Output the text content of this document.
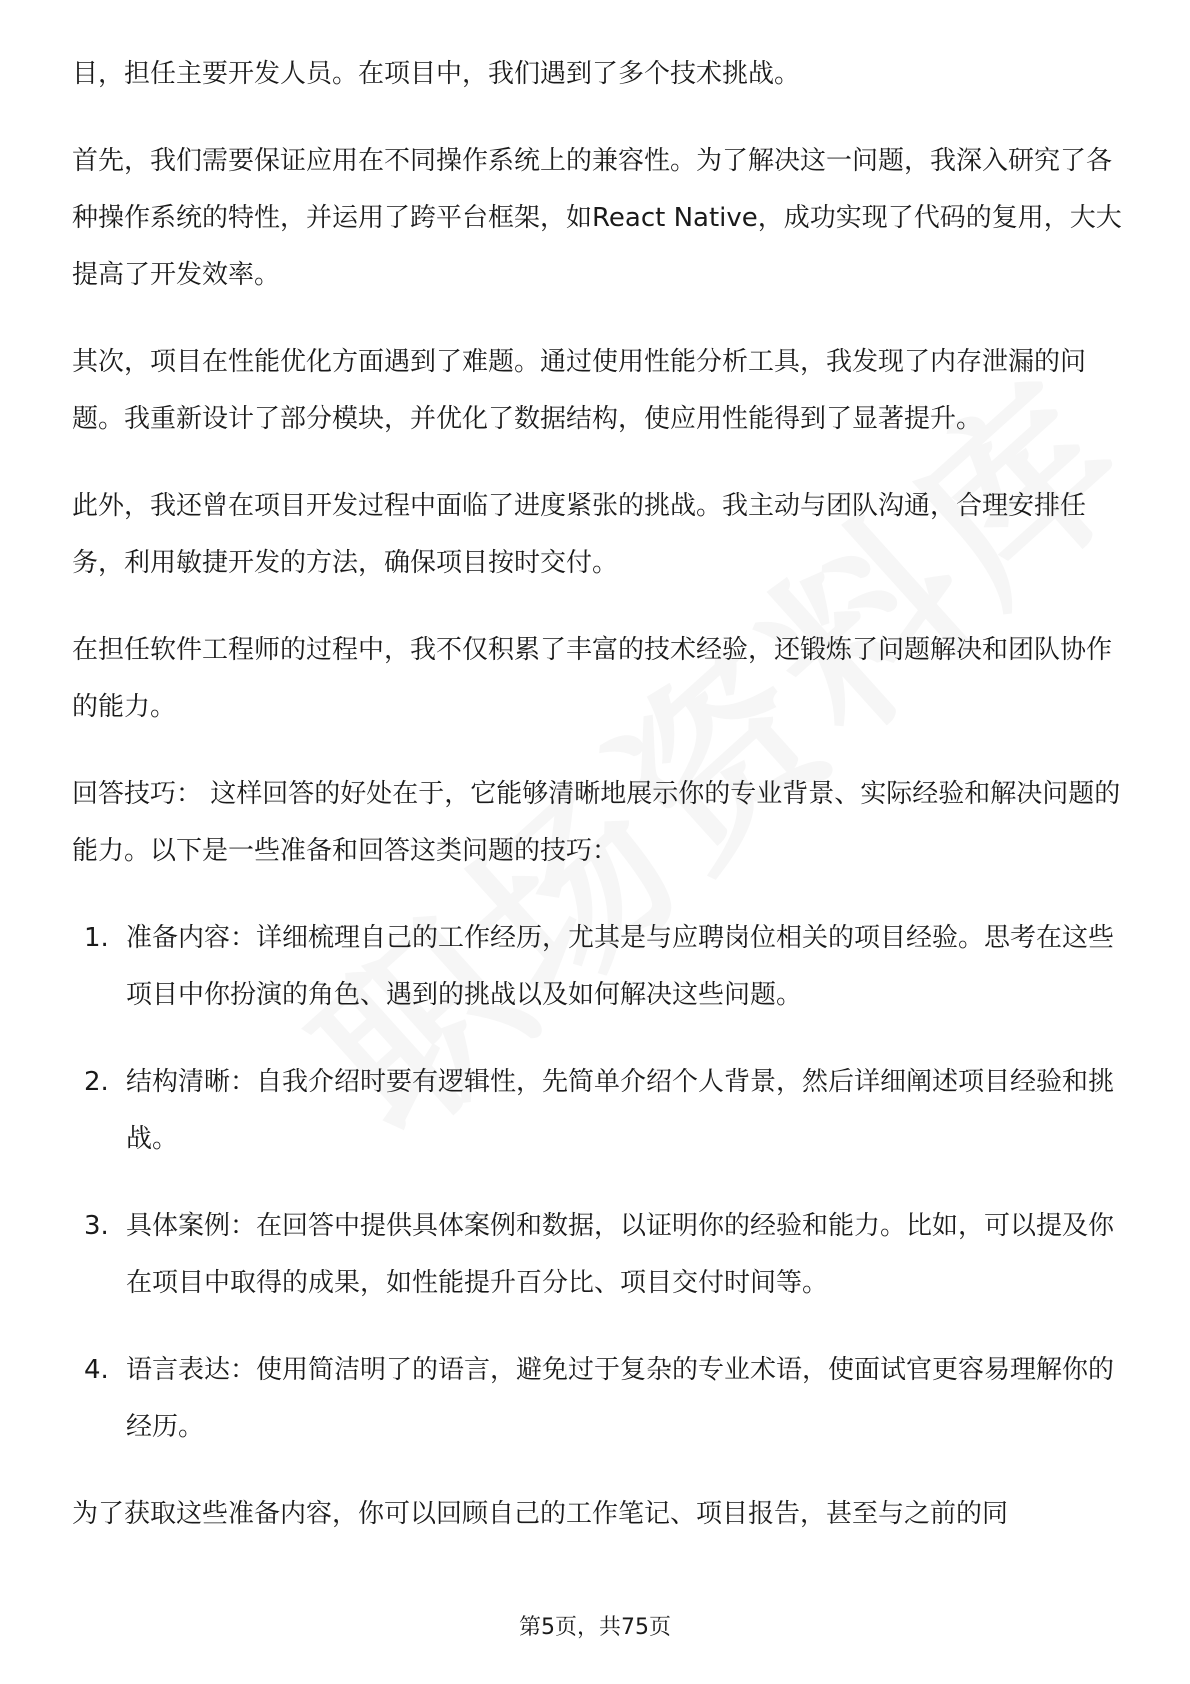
目，担任主要开发人员。在项目中，我们遇到了多个技术挑战。

首先，我们需要保证应用在不同操作系统上的兼容性。为了解决这一问题，我深入研究了各种操作系统的特性，并运用了跨平台框架，如React Native，成功实现了代码的复用，大大提高了开发效率。

其次，项目在性能优化方面遇到了难题。通过使用性能分析工具，我发现了内存泄漏的问题。我重新设计了部分模块，并优化了数据结构，使应用性能得到了显著提升。

此外，我还曾在项目开发过程中面临了进度紧张的挑战。我主动与团队沟通，合理安排任务，利用敏捷开发的方法，确保项目按时交付。

在担任软件工程师的过程中，我不仅积累了丰富的技术经验，还锻炼了问题解决和团队协作的能力。

回答技巧： 这样回答的好处在于，它能够清晰地展示你的专业背景、实际经验和解决问题的能力。以下是一些准备和回答这类问题的技巧：

1. 准备内容：详细梳理自己的工作经历，尤其是与应聘岗位相关的项目经验。思考在这些项目中你扮演的角色、遇到的挑战以及如何解决这些问题。
2. 结构清晰：自我介绍时要有逻辑性，先简单介绍个人背景，然后详细阐述项目经验和挑战。
3. 具体案例：在回答中提供具体案例和数据，以证明你的经验和能力。比如，可以提及你在项目中取得的成果，如性能提升百分比、项目交付时间等。
4. 语言表达：使用简洁明了的语言，避免过于复杂的专业术语，使面试官更容易理解你的经历。

为了获取这些准备内容，你可以回顾自己的工作笔记、项目报告，甚至与之前的同

第5页，共75页
